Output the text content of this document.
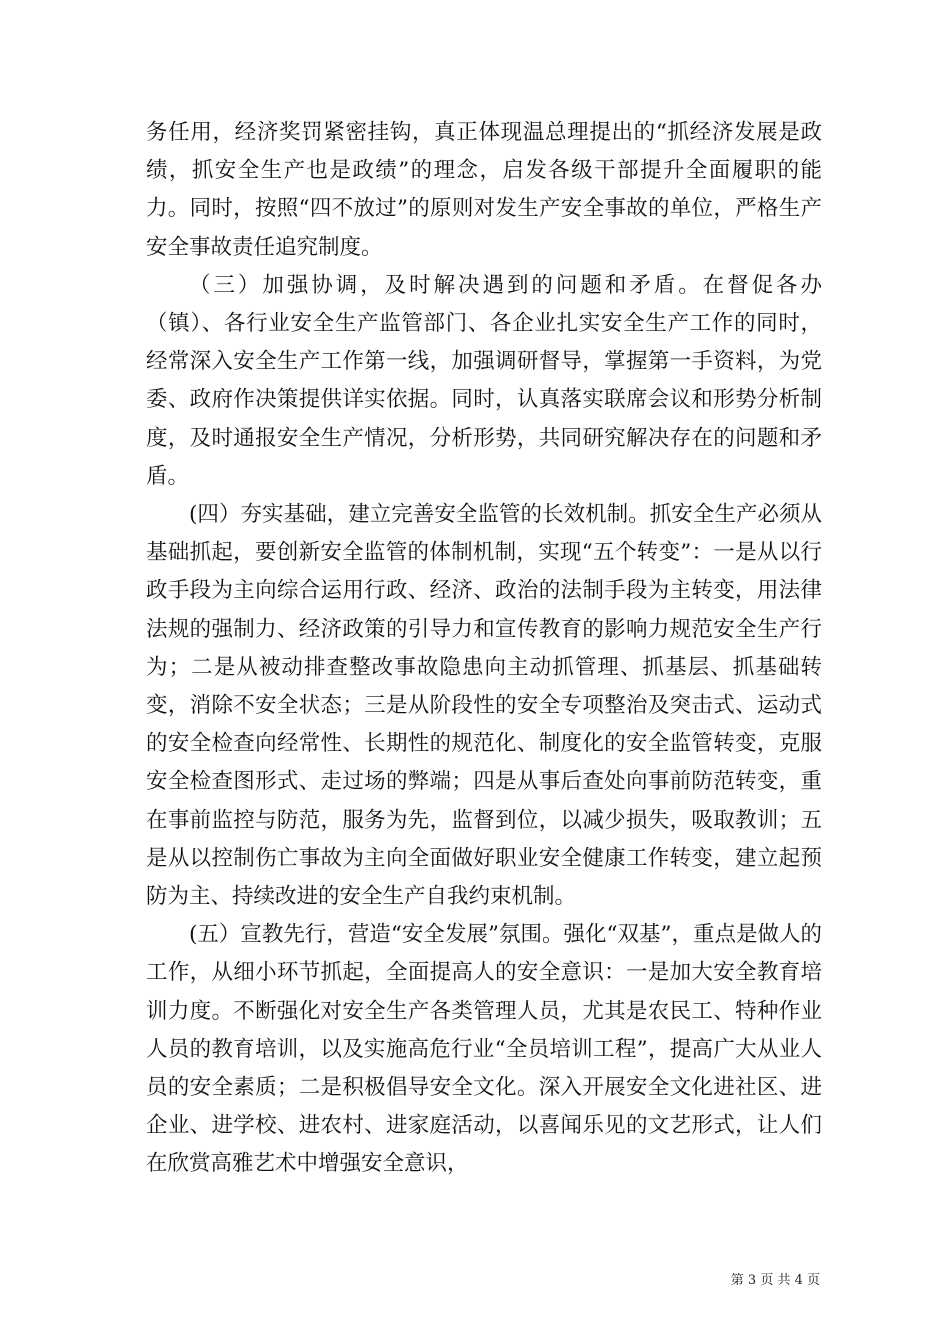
务任用，经济奖罚紧密挂钩，真正体现温总理提出的“抓经济发展是政绩，抓安全生产也是政绩”的理念，启发各级干部提升全面履职的能力。同时，按照“四不放过”的原则对发生产安全事故的单位，严格生产安全事故责任追究制度。

（三）加强协调，及时解决遇到的问题和矛盾。在督促各办（镇）、各行业安全生产监管部门、各企业扎实安全生产工作的同时，经常深入安全生产工作第一线，加强调研督导，掌握第一手资料，为党委、政府作决策提供详实依据。同时，认真落实联席会议和形势分析制度，及时通报安全生产情况，分析形势，共同研究解决存在的问题和矛盾。

(四）夯实基础，建立完善安全监管的长效机制。抓安全生产必须从基础抓起，要创新安全监管的体制机制，实现“五个转变”：一是从以行政手段为主向综合运用行政、经济、政治的法制手段为主转变，用法律法规的强制力、经济政策的引导力和宣传教育的影响力规范安全生产行为；二是从被动排查整改事故隐患向主动抓管理、抓基层、抓基础转变，消除不安全状态；三是从阶段性的安全专项整治及突击式、运动式的安全检查向经常性、长期性的规范化、制度化的安全监管转变，克服安全检查图形式、走过场的弊端；四是从事后查处向事前防范转变，重在事前监控与防范，服务为先，监督到位，以减少损失，吸取教训；五是从以控制伤亡事故为主向全面做好职业安全健康工作转变，建立起预防为主、持续改进的安全生产自我约束机制。

(五）宣教先行，营造“安全发展”氛围。强化“双基”，重点是做人的工作，从细小环节抓起，全面提高人的安全意识：一是加大安全教育培训力度。不断强化对安全生产各类管理人员，尤其是农民工、特种作业人员的教育培训，以及实施高危行业“全员培训工程”，提高广大从业人员的安全素质；二是积极倡导安全文化。深入开展安全文化进社区、进企业、进学校、进农村、进家庭活动，以喜闻乐见的文艺形式，让人们在欣赏高雅艺术中增强安全意识，

第 3 页 共 4 页
